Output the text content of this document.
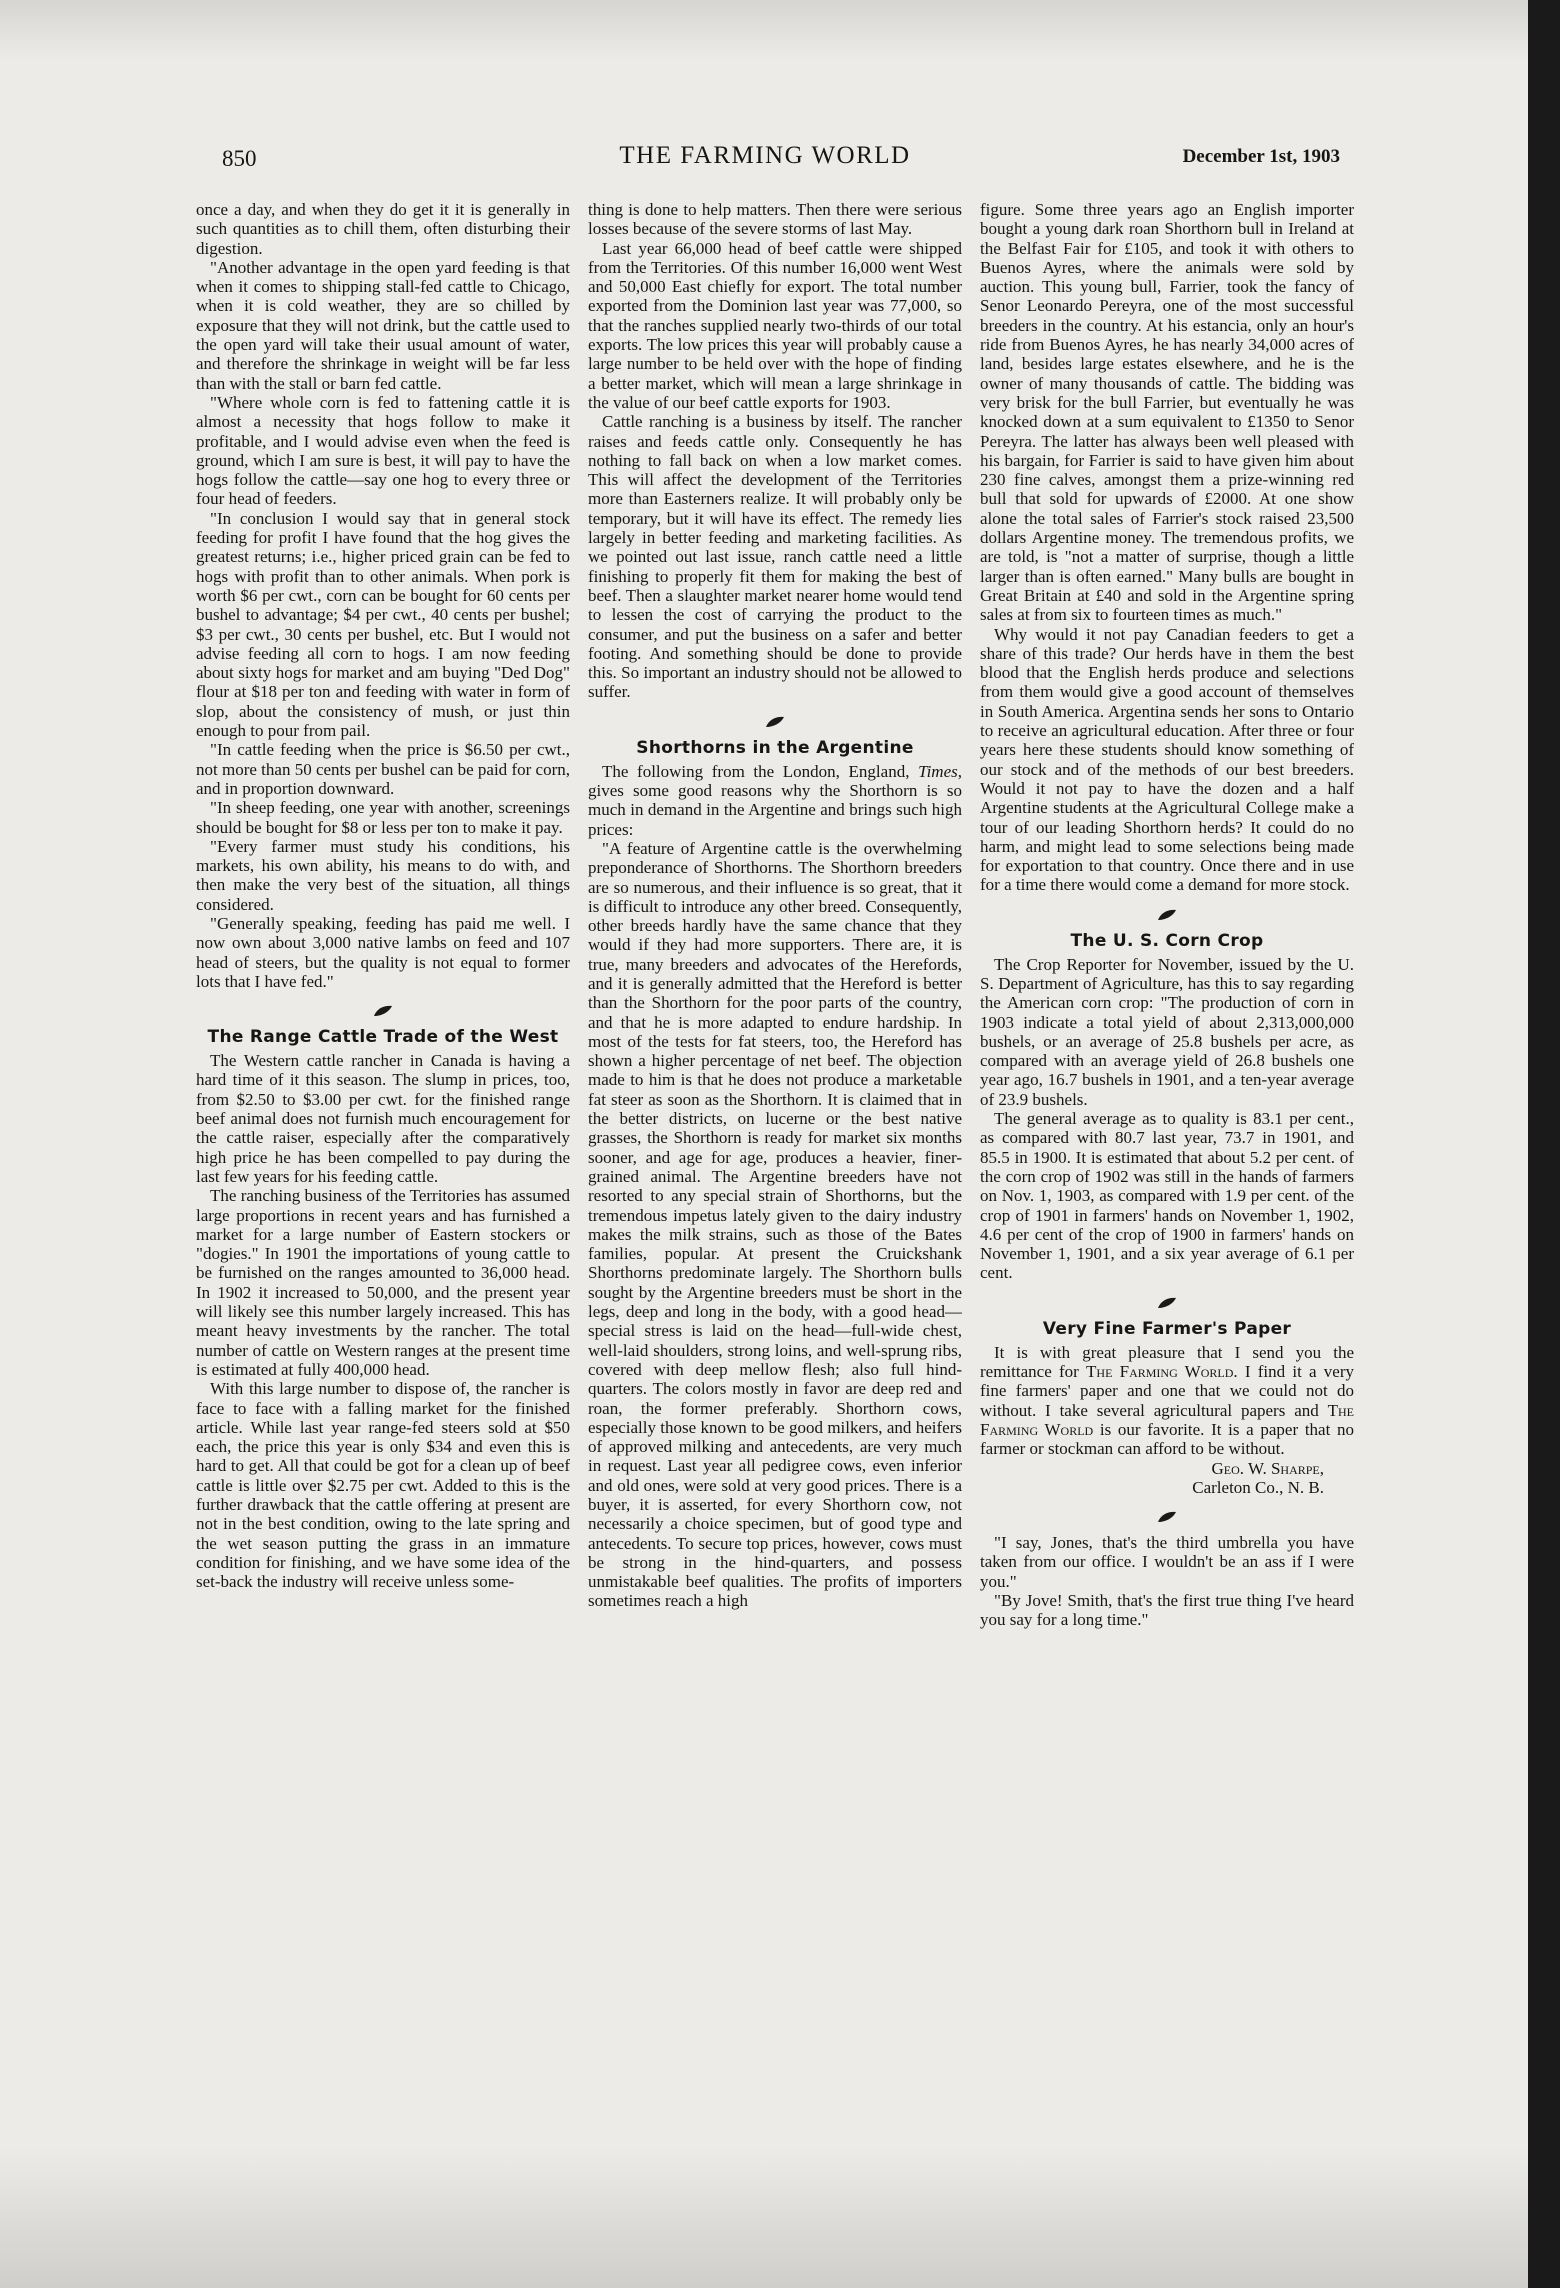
850	THE FARMING WORLD	December 1st, 1903

once a day, and when they do get it it is generally in such quantities as to chill them, often disturbing their digestion.

"Another advantage in the open yard feeding is that when it comes to shipping stall-fed cattle to Chicago, when it is cold weather, they are so chilled by exposure that they will not drink, but the cattle used to the open yard will take their usual amount of water, and therefore the shrinkage in weight will be far less than with the stall or barn fed cattle.

"Where whole corn is fed to fattening cattle it is almost a necessity that hogs follow to make it profitable, and I would advise even when the feed is ground, which I am sure is best, it will pay to have the hogs follow the cattle—say one hog to every three or four head of feeders.

"In conclusion I would say that in general stock feeding for profit I have found that the hog gives the greatest returns; i.e., higher priced grain can be fed to hogs with profit than to other animals. When pork is worth $6 per cwt., corn can be bought for 60 cents per bushel to advantage; $4 per cwt., 40 cents per bushel; $3 per cwt., 30 cents per bushel, etc. But I would not advise feeding all corn to hogs. I am now feeding about sixty hogs for market and am buying "Ded Dog" flour at $18 per ton and feeding with water in form of slop, about the consistency of mush, or just thin enough to pour from pail.

"In cattle feeding when the price is $6.50 per cwt., not more than 50 cents per bushel can be paid for corn, and in proportion downward.

"In sheep feeding, one year with another, screenings should be bought for $8 or less per ton to make it pay.

"Every farmer must study his conditions, his markets, his own ability, his means to do with, and then make the very best of the situation, all things considered.

"Generally speaking, feeding has paid me well. I now own about 3,000 native lambs on feed and 107 head of steers, but the quality is not equal to former lots that I have fed."

The Range Cattle Trade of the West

The Western cattle rancher in Canada is having a hard time of it this season. The slump in prices, too, from $2.50 to $3.00 per cwt. for the finished range beef animal does not furnish much encouragement for the cattle raiser, especially after the comparatively high price he has been compelled to pay during the last few years for his feeding cattle.

The ranching business of the Territories has assumed large proportions in recent years and has furnished a market for a large number of Eastern stockers or "dogies." In 1901 the importations of young cattle to be furnished on the ranges amounted to 36,000 head. In 1902 it increased to 50,000, and the present year will likely see this number largely increased. This has meant heavy investments by the rancher. The total number of cattle on Western ranges at the present time is estimated at fully 400,000 head.

With this large number to dispose of, the rancher is face to face with a falling market for the finished article. While last year range-fed steers sold at $50 each, the price this year is only $34 and even this is hard to get. All that could be got for a clean up of beef cattle is little over $2.75 per cwt. Added to this is the further drawback that the cattle offering at present are not in the best condition, owing to the late spring and the wet season putting the grass in an immature condition for finishing, and we have some idea of the set-back the industry will receive unless some-

thing is done to help matters. Then there were serious losses because of the severe storms of last May.

Last year 66,000 head of beef cattle were shipped from the Territories. Of this number 16,000 went West and 50,000 East chiefly for export. The total number exported from the Dominion last year was 77,000, so that the ranches supplied nearly two-thirds of our total exports. The low prices this year will probably cause a large number to be held over with the hope of finding a better market, which will mean a large shrinkage in the value of our beef cattle exports for 1903.

Cattle ranching is a business by itself. The rancher raises and feeds cattle only. Consequently he has nothing to fall back on when a low market comes. This will affect the development of the Territories more than Easterners realize. It will probably only be temporary, but it will have its effect. The remedy lies largely in better feeding and marketing facilities. As we pointed out last issue, ranch cattle need a little finishing to properly fit them for making the best of beef. Then a slaughter market nearer home would tend to lessen the cost of carrying the product to the consumer, and put the business on a safer and better footing. And something should be done to provide this. So important an industry should not be allowed to suffer.

Shorthorns in the Argentine

The following from the London, England, Times, gives some good reasons why the Shorthorn is so much in demand in the Argentine and brings such high prices:

"A feature of Argentine cattle is the overwhelming preponderance of Shorthorns. The Shorthorn breeders are so numerous, and their influence is so great, that it is difficult to introduce any other breed. Consequently, other breeds hardly have the same chance that they would if they had more supporters. There are, it is true, many breeders and advocates of the Herefords, and it is generally admitted that the Hereford is better than the Shorthorn for the poor parts of the country, and that he is more adapted to endure hardship. In most of the tests for fat steers, too, the Hereford has shown a higher percentage of net beef. The objection made to him is that he does not produce a marketable fat steer as soon as the Shorthorn. It is claimed that in the better districts, on lucerne or the best native grasses, the Shorthorn is ready for market six months sooner, and age for age, produces a heavier, finer-grained animal. The Argentine breeders have not resorted to any special strain of Shorthorns, but the tremendous impetus lately given to the dairy industry makes the milk strains, such as those of the Bates families, popular. At present the Cruickshank Shorthorns predominate largely. The Shorthorn bulls sought by the Argentine breeders must be short in the legs, deep and long in the body, with a good head—special stress is laid on the head—full-wide chest, well-laid shoulders, strong loins, and well-sprung ribs, covered with deep mellow flesh; also full hind-quarters. The colors mostly in favor are deep red and roan, the former preferably. Shorthorn cows, especially those known to be good milkers, and heifers of approved milking and antecedents, are very much in request. Last year all pedigree cows, even inferior and old ones, were sold at very good prices. There is a buyer, it is asserted, for every Shorthorn cow, not necessarily a choice specimen, but of good type and antecedents. To secure top prices, however, cows must be strong in the hind-quarters, and possess unmistakable beef qualities. The profits of importers sometimes reach a high

figure. Some three years ago an English importer bought a young dark roan Shorthorn bull in Ireland at the Belfast Fair for £105, and took it with others to Buenos Ayres, where the animals were sold by auction. This young bull, Farrier, took the fancy of Senor Leonardo Pereyra, one of the most successful breeders in the country. At his estancia, only an hour's ride from Buenos Ayres, he has nearly 34,000 acres of land, besides large estates elsewhere, and he is the owner of many thousands of cattle. The bidding was very brisk for the bull Farrier, but eventually he was knocked down at a sum equivalent to £1350 to Senor Pereyra. The latter has always been well pleased with his bargain, for Farrier is said to have given him about 230 fine calves, amongst them a prize-winning red bull that sold for upwards of £2000. At one show alone the total sales of Farrier's stock raised 23,500 dollars Argentine money. The tremendous profits, we are told, is "not a matter of surprise, though a little larger than is often earned." Many bulls are bought in Great Britain at £40 and sold in the Argentine spring sales at from six to fourteen times as much."

Why would it not pay Canadian feeders to get a share of this trade? Our herds have in them the best blood that the English herds produce and selections from them would give a good account of themselves in South America. Argentina sends her sons to Ontario to receive an agricultural education. After three or four years here these students should know something of our stock and of the methods of our best breeders. Would it not pay to have the dozen and a half Argentine students at the Agricultural College make a tour of our leading Shorthorn herds? It could do no harm, and might lead to some selections being made for exportation to that country. Once there and in use for a time there would come a demand for more stock.

The U. S. Corn Crop

The Crop Reporter for November, issued by the U. S. Department of Agriculture, has this to say regarding the American corn crop: "The production of corn in 1903 indicate a total yield of about 2,313,000,000 bushels, or an average of 25.8 bushels per acre, as compared with an average yield of 26.8 bushels one year ago, 16.7 bushels in 1901, and a ten-year average of 23.9 bushels.

The general average as to quality is 83.1 per cent., as compared with 80.7 last year, 73.7 in 1901, and 85.5 in 1900. It is estimated that about 5.2 per cent. of the corn crop of 1902 was still in the hands of farmers on Nov. 1, 1903, as compared with 1.9 per cent. of the crop of 1901 in farmers' hands on November 1, 1902, 4.6 per cent of the crop of 1900 in farmers' hands on November 1, 1901, and a six year average of 6.1 per cent.

Very Fine Farmer's Paper

It is with great pleasure that I send you the remittance for The Farming World. I find it a very fine farmers' paper and one that we could not do without. I take several agricultural papers and The Farming World is our favorite. It is a paper that no farmer or stockman can afford to be without.

Geo. W. Sharpe,
Carleton Co., N. B.

"I say, Jones, that's the third umbrella you have taken from our office. I wouldn't be an ass if I were you."

"By Jove! Smith, that's the first true thing I've heard you say for a long time."
